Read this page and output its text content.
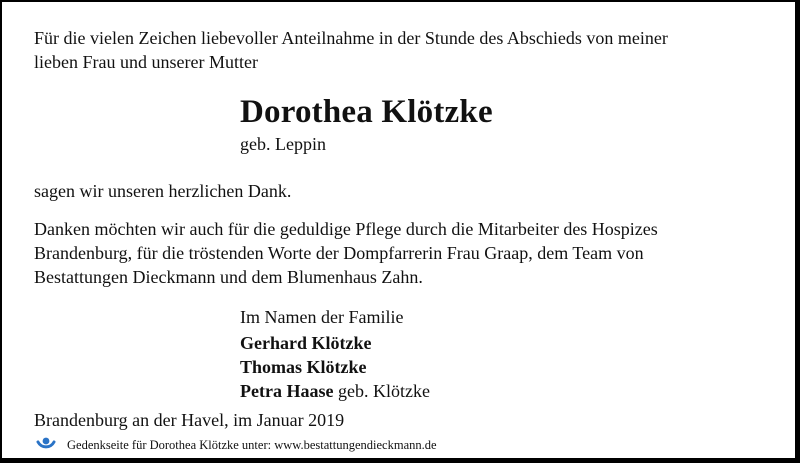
Für die vielen Zeichen liebevoller Anteilnahme in der Stunde des Abschieds von meiner
lieben Frau und unserer Mutter
Dorothea Klötzke
geb. Leppin
sagen wir unseren herzlichen Dank.
Danken möchten wir auch für die geduldige Pflege durch die Mitarbeiter des Hospizes
Brandenburg, für die tröstenden Worte der Dompfarrerin Frau Graap, dem Team von
Bestattungen Dieckmann und dem Blumenhaus Zahn.
Im Namen der Familie
Gerhard Klötzke
Thomas Klötzke
Petra Haase geb. Klötzke
Brandenburg an der Havel, im Januar 2019
Gedenkseite für Dorothea Klötzke unter: www.bestattungendieckmann.de
